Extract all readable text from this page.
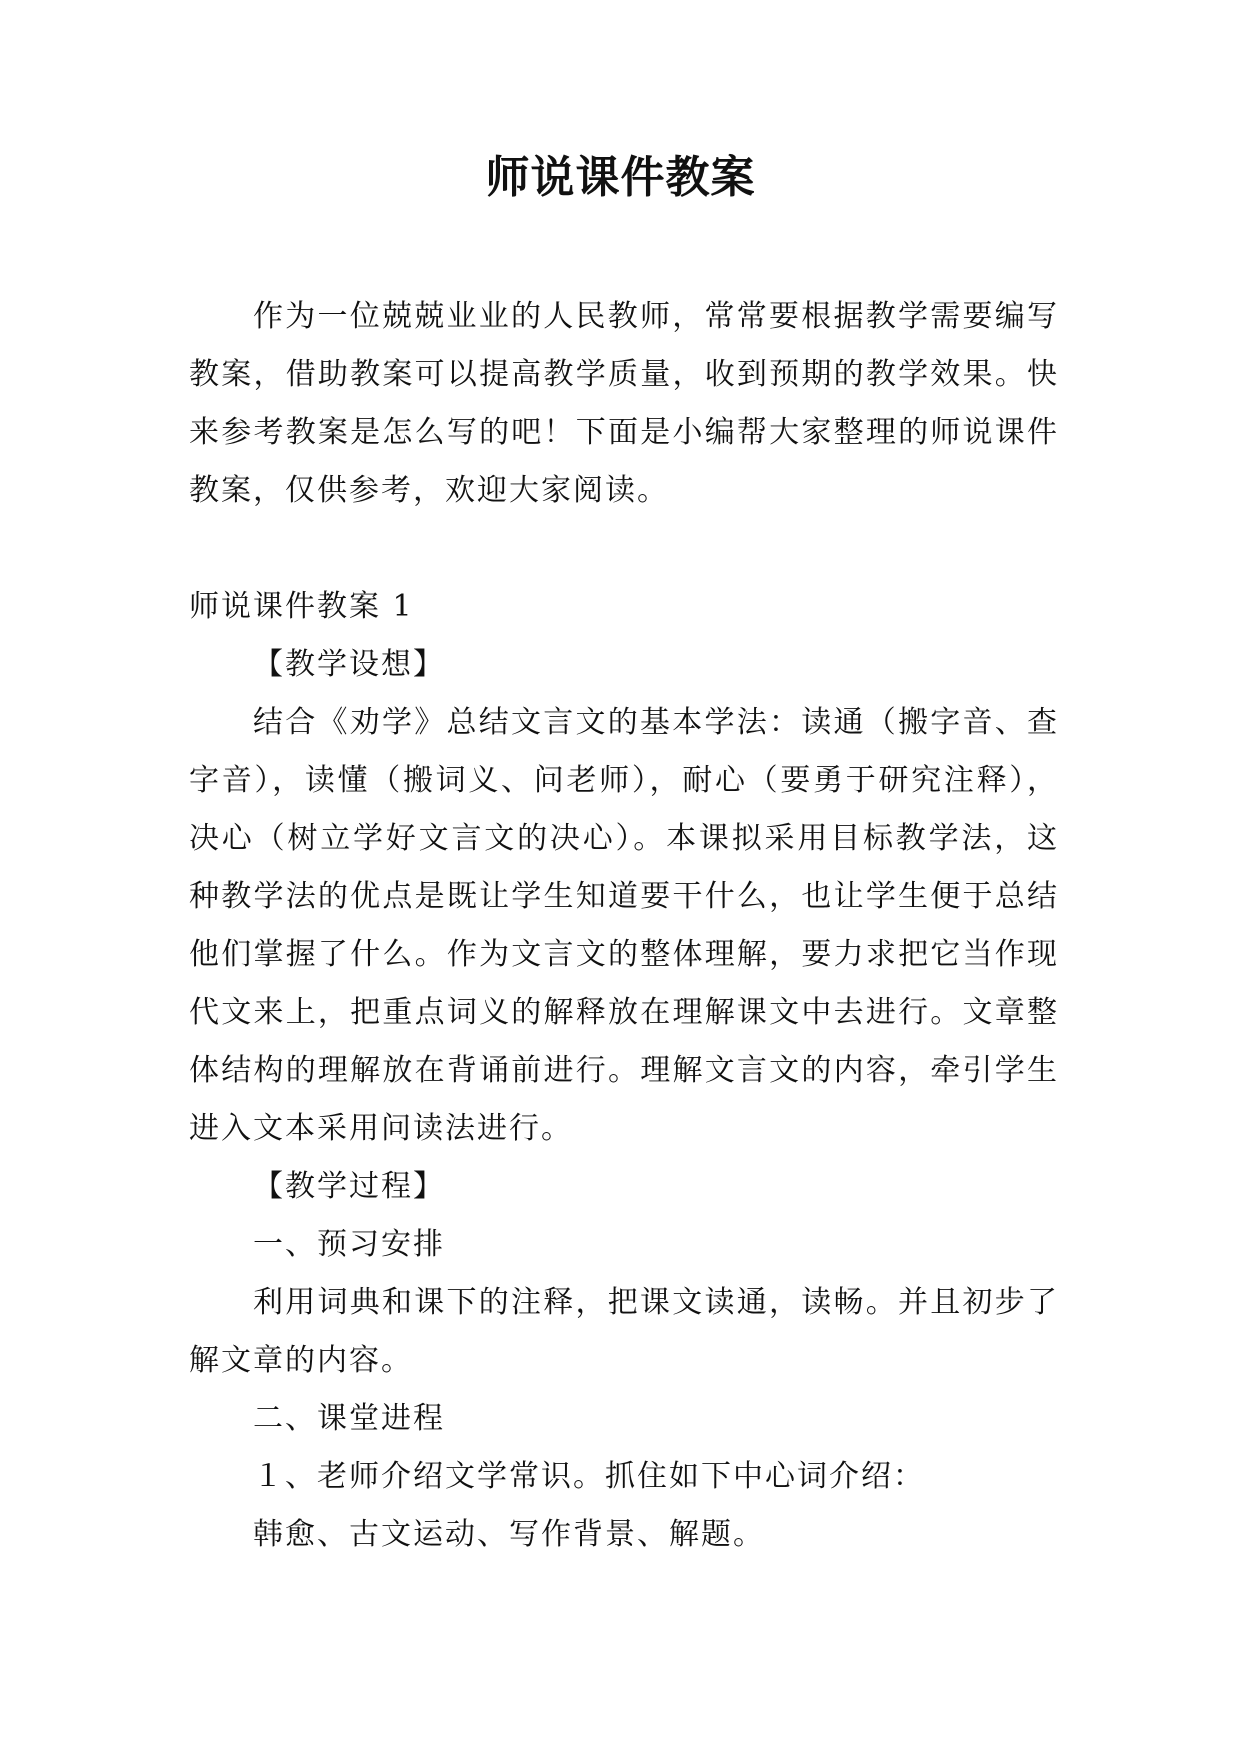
师说课件教案

作为一位兢兢业业的人民教师，常常要根据教学需要编写教案，借助教案可以提高教学质量，收到预期的教学效果。快来参考教案是怎么写的吧！下面是小编帮大家整理的师说课件教案，仅供参考，欢迎大家阅读。

师说课件教案 1

【教学设想】

结合《劝学》总结文言文的基本学法：读通（搬字音、查字音），读懂（搬词义、问老师），耐心（要勇于研究注释），决心（树立学好文言文的决心）。本课拟采用目标教学法，这种教学法的优点是既让学生知道要干什么，也让学生便于总结他们掌握了什么。作为文言文的整体理解，要力求把它当作现代文来上，把重点词义的解释放在理解课文中去进行。文章整体结构的理解放在背诵前进行。理解文言文的内容，牵引学生进入文本采用问读法进行。

【教学过程】

一、预习安排

利用词典和课下的注释，把课文读通，读畅。并且初步了解文章的内容。

二、课堂进程

１、老师介绍文学常识。抓住如下中心词介绍：

韩愈、古文运动、写作背景、解题。
